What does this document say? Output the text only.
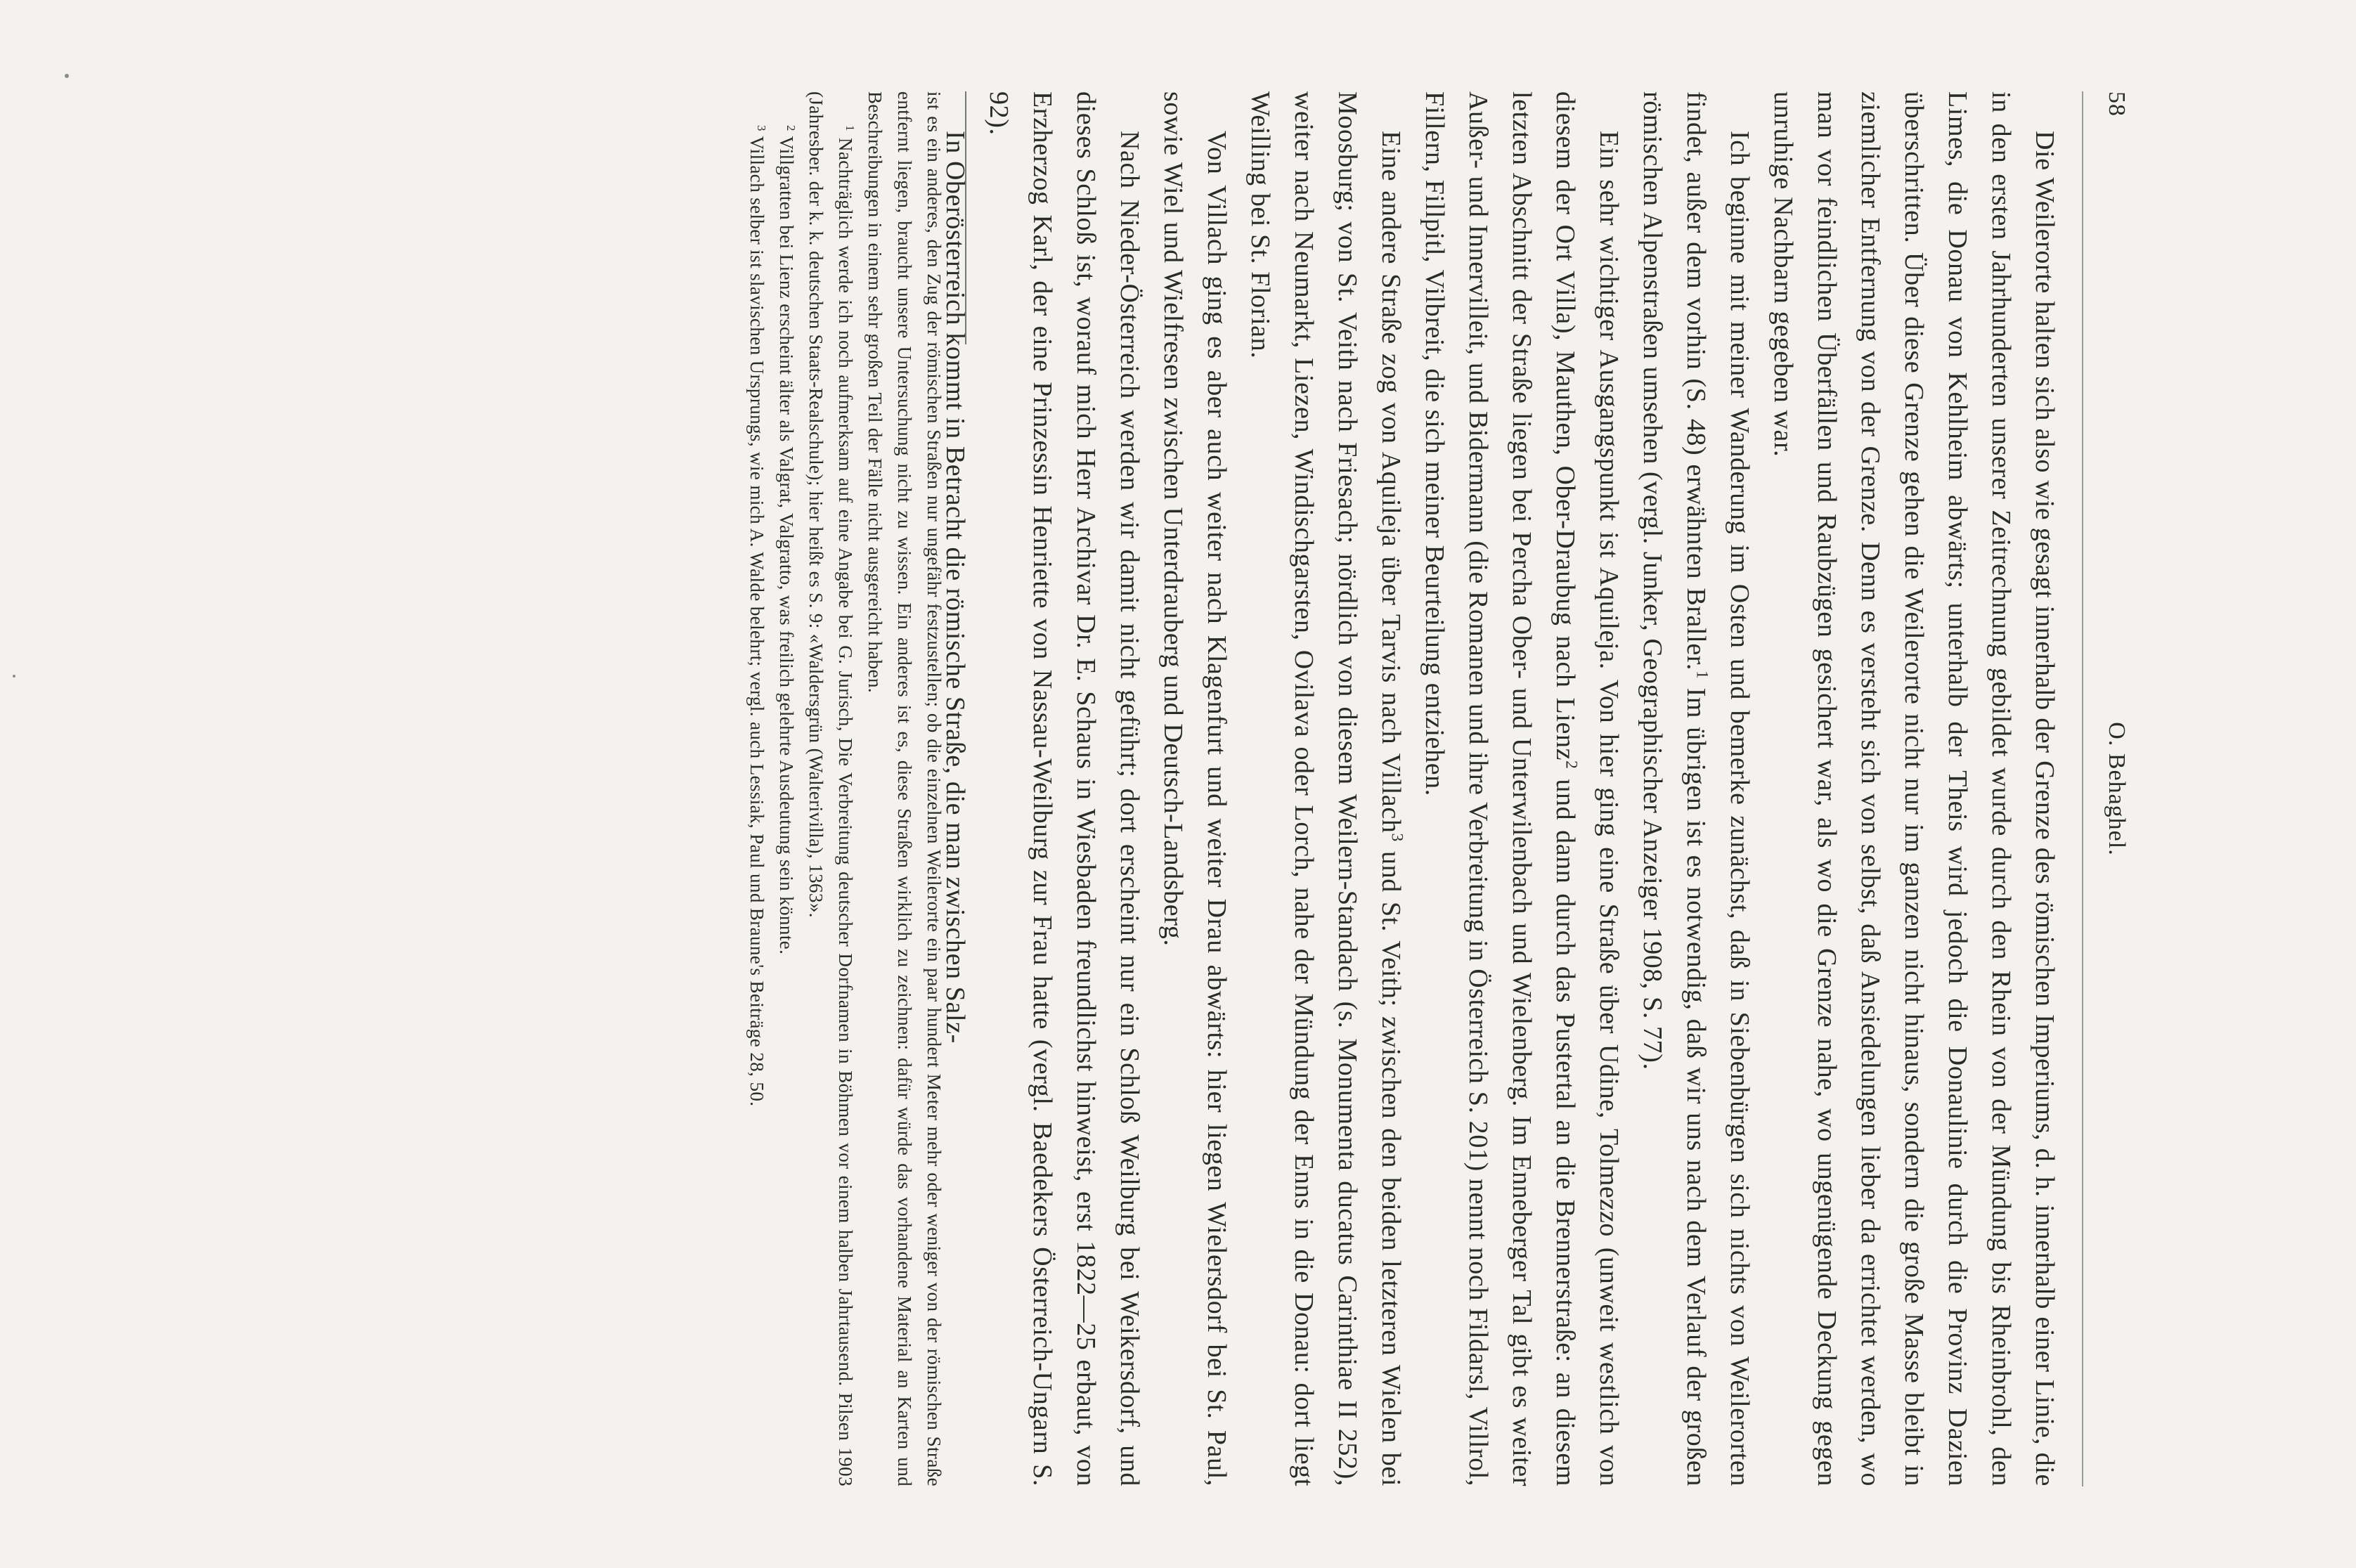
58
O. Behaghel.

Die Weilerorte halten sich also wie gesagt innerhalb der Grenze des römischen Imperiums, d. h. innerhalb einer Linie, die in den ersten Jahrhunderten unserer Zeitrechnung gebildet wurde durch den Rhein von der Mündung bis Rheinbrohl, den Limes, die Donau von Kehlheim abwärts; unterhalb der Theis wird jedoch die Donaulinie durch die Provinz Dazien überschritten. Über diese Grenze gehen die Weilerorte nicht nur im ganzen nicht hinaus, sondern die große Masse bleibt in ziemlicher Entfernung von der Grenze. Denn es versteht sich von selbst, daß Ansiedelungen lieber da errichtet werden, wo man vor feindlichen Überfällen und Raubzügen gesichert war, als wo die Grenze nahe, wo ungenügende Deckung gegen unruhige Nachbarn gegeben war.

Ich beginne mit meiner Wanderung im Osten und bemerke zunächst, daß in Siebenbürgen sich nichts von Weilerorten findet, außer dem vorhin (S. 48) erwähnten Braller.$^1$ Im übrigen ist es notwendig, daß wir uns nach dem Verlauf der großen römischen Alpenstraßen umsehen (vergl. Junker, Geographischer Anzeiger 1908, S. 77).

Ein sehr wichtiger Ausgangspunkt ist Aquileja. Von hier ging eine Straße über Udine, Tolmezzo (unweit westlich von diesem der Ort Villa), Mauthen, Ober-Draubug nach Lienz$^2$ und dann durch das Pustertal an die Brennerstraße: an diesem letzten Abschnitt der Straße liegen bei Percha Ober- und Unterwilenbach und Wielenberg. Im Enneberger Tal gibt es weiter Außer- und Innervilleit, und Bidermann (die Romanen und ihre Verbreitung in Österreich S. 201) nennt noch Fildarsl, Villrol, Fillern, Fillpitl, Vilbreit, die sich meiner Beurteilung entziehen.

Eine andere Straße zog von Aquileja über Tarvis nach Villach$^3$ und St. Veith; zwischen den beiden letzteren Wielen bei Moosburg; von St. Veith nach Friesach; nördlich von diesem Weilern-Standach (s. Monumenta ducatus Carinthiae II 252), weiter nach Neumarkt, Liezen, Windischgarsten, Ovilava oder Lorch, nahe der Mündung der Enns in die Donau: dort liegt Weilling bei St. Florian.

Von Villach ging es aber auch weiter nach Klagenfurt und weiter Drau abwärts: hier liegen Wielersdorf bei St. Paul, sowie Wiel und Wielfresen zwischen Unterdrauberg und Deutsch-Landsberg.

Nach Nieder-Österreich werden wir damit nicht geführt; dort erscheint nur ein Schloß Weilburg bei Weikersdorf, und dieses Schloß ist, worauf mich Herr Archivar Dr. E. Schaus in Wiesbaden freundlichst hinweist, erst 1822—25 erbaut, von Erzherzog Karl, der eine Prinzessin Henriette von Nassau-Weilburg zur Frau hatte (vergl. Baedekers Österreich-Ungarn S. 92).

In Oberösterreich kommt in Betracht die römische Straße, die man zwischen Salz-

ist es ein anderes, den Zug der römischen Straßen nur ungefähr festzustellen; ob die einzelnen Weilerorte ein paar hundert Meter mehr oder weniger von der römischen Straße entfernt liegen, braucht unsere Untersuchung nicht zu wissen. Ein anderes ist es, diese Straßen wirklich zu zeichnen: dafür würde das vorhandene Material an Karten und Beschreibungen in einem sehr großen Teil der Fälle nicht ausgereicht haben.

$^1$ Nachträglich werde ich noch aufmerksam auf eine Angabe bei G. Jurisch, Die Verbreitung deutscher Dorfnamen in Böhmen vor einem halben Jahrtausend. Pilsen 1903 (Jahresber. der k. k. deutschen Staats-Realschule); hier heißt es S. 9: «Waldersgrün (Walterivilla), 1363».

$^2$ Villgratten bei Lienz erscheint älter als Valgrat, Valgratto, was freilich gelehrte Ausdeutung sein könnte.

$^3$ Villach selber ist slavischen Ursprungs, wie mich A. Walde belehrt; vergl. auch Lessiak, Paul und Braune's Beiträge 28, 50.
